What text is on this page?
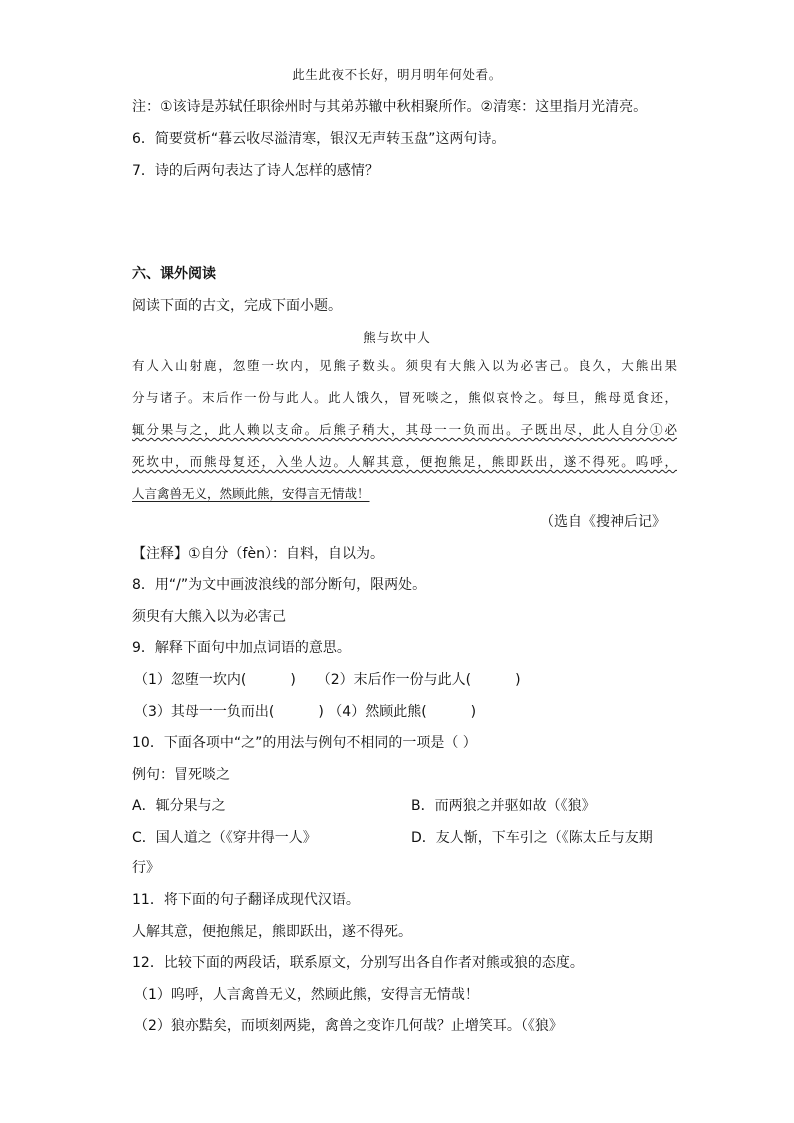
此生此夜不长好，明月明年何处看。
注：①该诗是苏轼任职徐州时与其弟苏辙中秋相聚所作。②清寒：这里指月光清亮。
6．简要赏析“暮云收尽溢清寒，银汉无声转玉盘”这两句诗。
7．诗的后两句表达了诗人怎样的感情？
六、课外阅读
阅读下面的古文，完成下面小题。
熊与坎中人
有人入山射鹿，忽堕一坎内，见熊子数头。须臾有大熊入以为必害己。良久，大熊出果
分与诸子。末后作一份与此人。此人饿久，冒死啖之，熊似哀怜之。每旦，熊母觅食还，
辄分果与之，此人赖以支命。后熊子稍大，其母一一负而出。子既出尽，此人自分①必
死坎中，而熊母复还，入坐人边。人解其意，便抱熊足，熊即跃出，遂不得死。呜呼，
人言禽兽无义，然顾此熊，安得言无情哉！
（选自《搜神后记》
【注释】①自分（fèn）：自料，自以为。
8．用“/”为文中画波浪线的部分断句，限两处。
须臾有大熊入以为必害己
9．解释下面句中加点词语的意思。
（1）忽堕一坎内(	) （2）末后作一份与此人(	)
（3）其母一一负而出(	) （4）然顾此熊(	)
10．下面各项中“之”的用法与例句不相同的一项是（ ）
例句：冒死啖之
A．辄分果与之	B．而两狼之并驱如故（《狼》
C．国人道之（《穿井得一人》	D．友人惭，下车引之（《陈太丘与友期
行》
11．将下面的句子翻译成现代汉语。
人解其意，便抱熊足，熊即跃出，遂不得死。
12．比较下面的两段话，联系原文，分别写出各自作者对熊或狼的态度。
（1）呜呼，人言禽兽无义，然顾此熊，安得言无情哉！
（2）狼亦黠矣，而顷刻两毙，禽兽之变诈几何哉？止增笑耳。（《狼》
